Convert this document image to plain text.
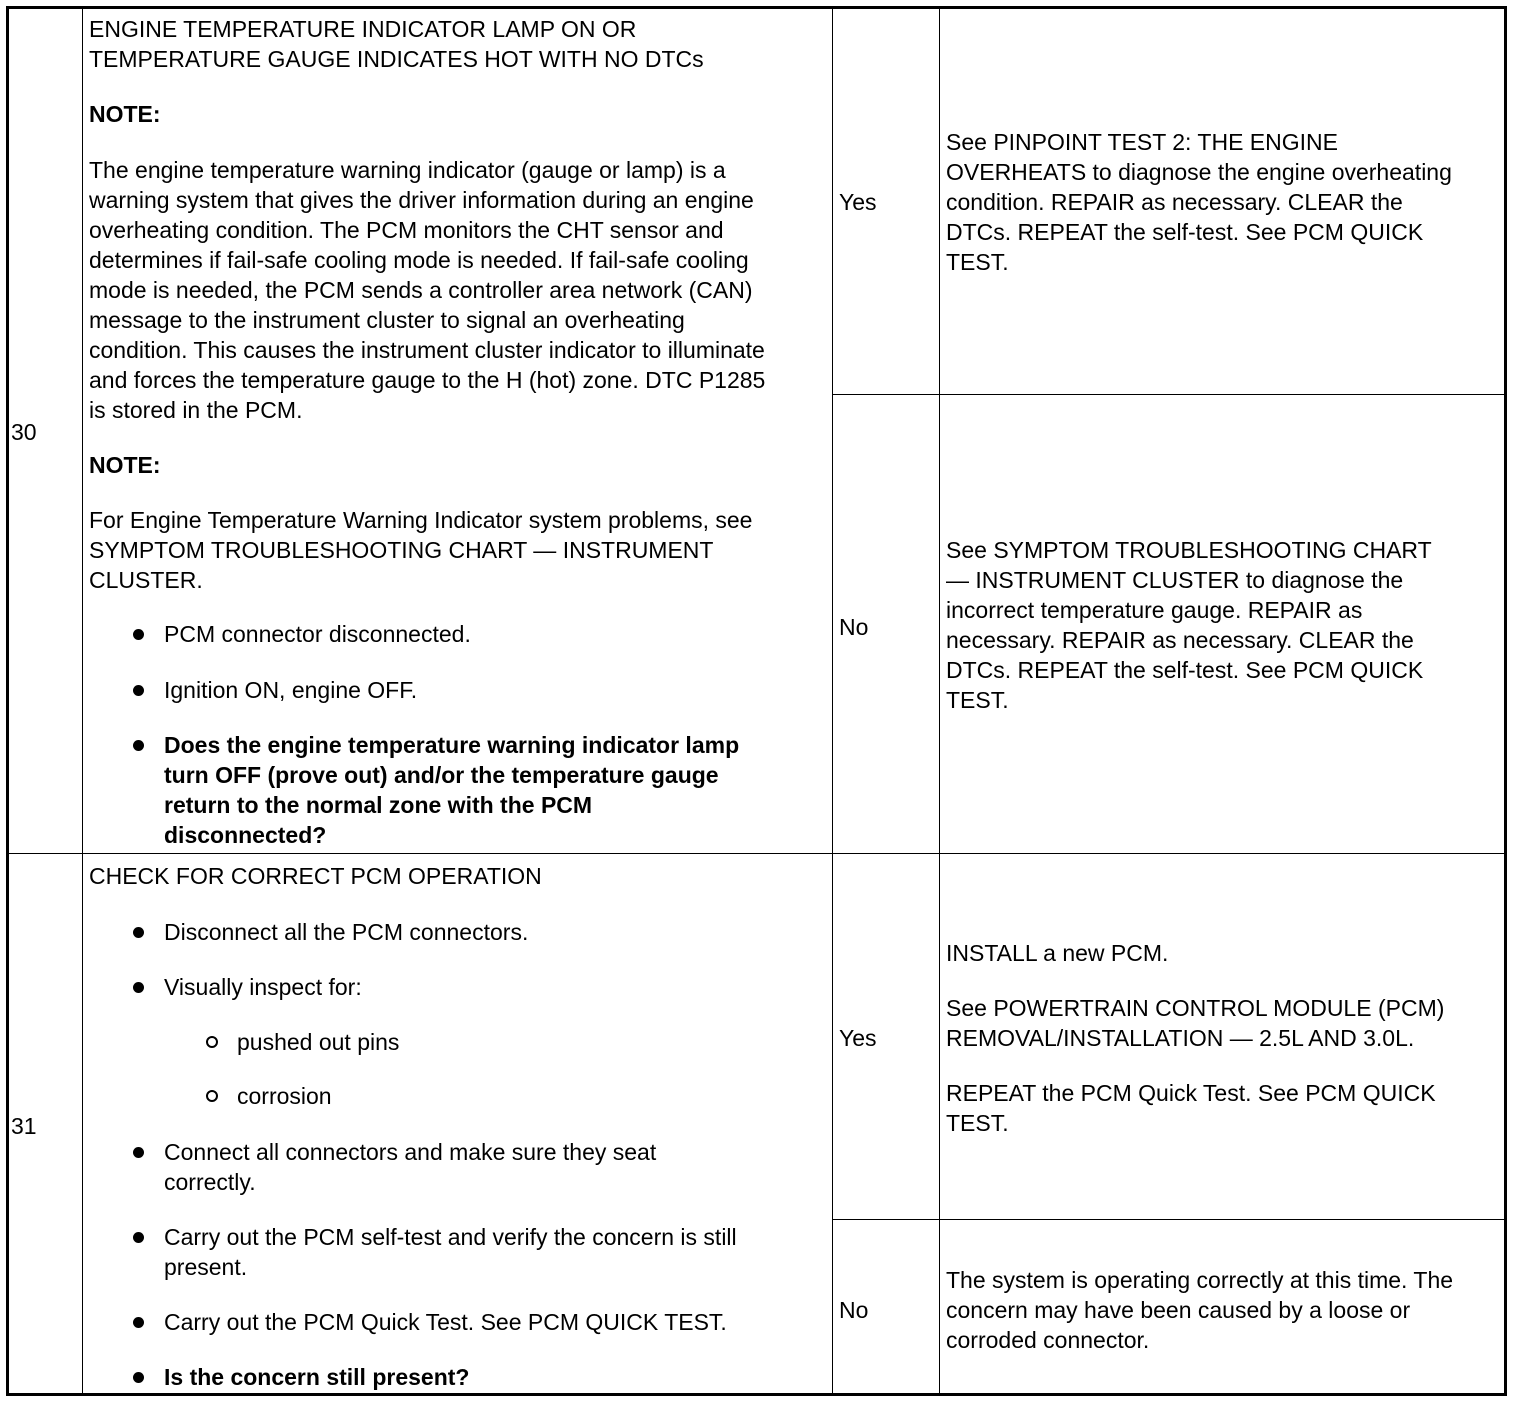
30
ENGINE TEMPERATURE INDICATOR LAMP ON OR
TEMPERATURE GAUGE INDICATES HOT WITH NO DTCs
NOTE:
The engine temperature warning indicator (gauge or lamp) is a
warning system that gives the driver information during an engine
overheating condition. The PCM monitors the CHT sensor and
determines if fail-safe cooling mode is needed. If fail-safe cooling
mode is needed, the PCM sends a controller area network (CAN)
message to the instrument cluster to signal an overheating
condition. This causes the instrument cluster indicator to illuminate
and forces the temperature gauge to the H (hot) zone. DTC P1285
is stored in the PCM.
NOTE:
For Engine Temperature Warning Indicator system problems, see
SYMPTOM TROUBLESHOOTING CHART — INSTRUMENT
CLUSTER.
PCM connector disconnected.
Ignition ON, engine OFF.
Does the engine temperature warning indicator lamp
turn OFF (prove out) and/or the temperature gauge
return to the normal zone with the PCM
disconnected?
Yes
See PINPOINT TEST 2: THE ENGINE
OVERHEATS to diagnose the engine overheating
condition. REPAIR as necessary. CLEAR the
DTCs. REPEAT the self-test. See PCM QUICK
TEST.
No
See SYMPTOM TROUBLESHOOTING CHART
— INSTRUMENT CLUSTER to diagnose the
incorrect temperature gauge. REPAIR as
necessary. REPAIR as necessary. CLEAR the
DTCs. REPEAT the self-test. See PCM QUICK
TEST.
31
CHECK FOR CORRECT PCM OPERATION
Disconnect all the PCM connectors.
Visually inspect for:
pushed out pins
corrosion
Connect all connectors and make sure they seat
correctly.
Carry out the PCM self-test and verify the concern is still
present.
Carry out the PCM Quick Test. See PCM QUICK TEST.
Is the concern still present?
Yes
INSTALL a new PCM.
See POWERTRAIN CONTROL MODULE (PCM)
REMOVAL/INSTALLATION — 2.5L AND 3.0L.
REPEAT the PCM Quick Test. See PCM QUICK
TEST.
No
The system is operating correctly at this time. The
concern may have been caused by a loose or
corroded connector.
